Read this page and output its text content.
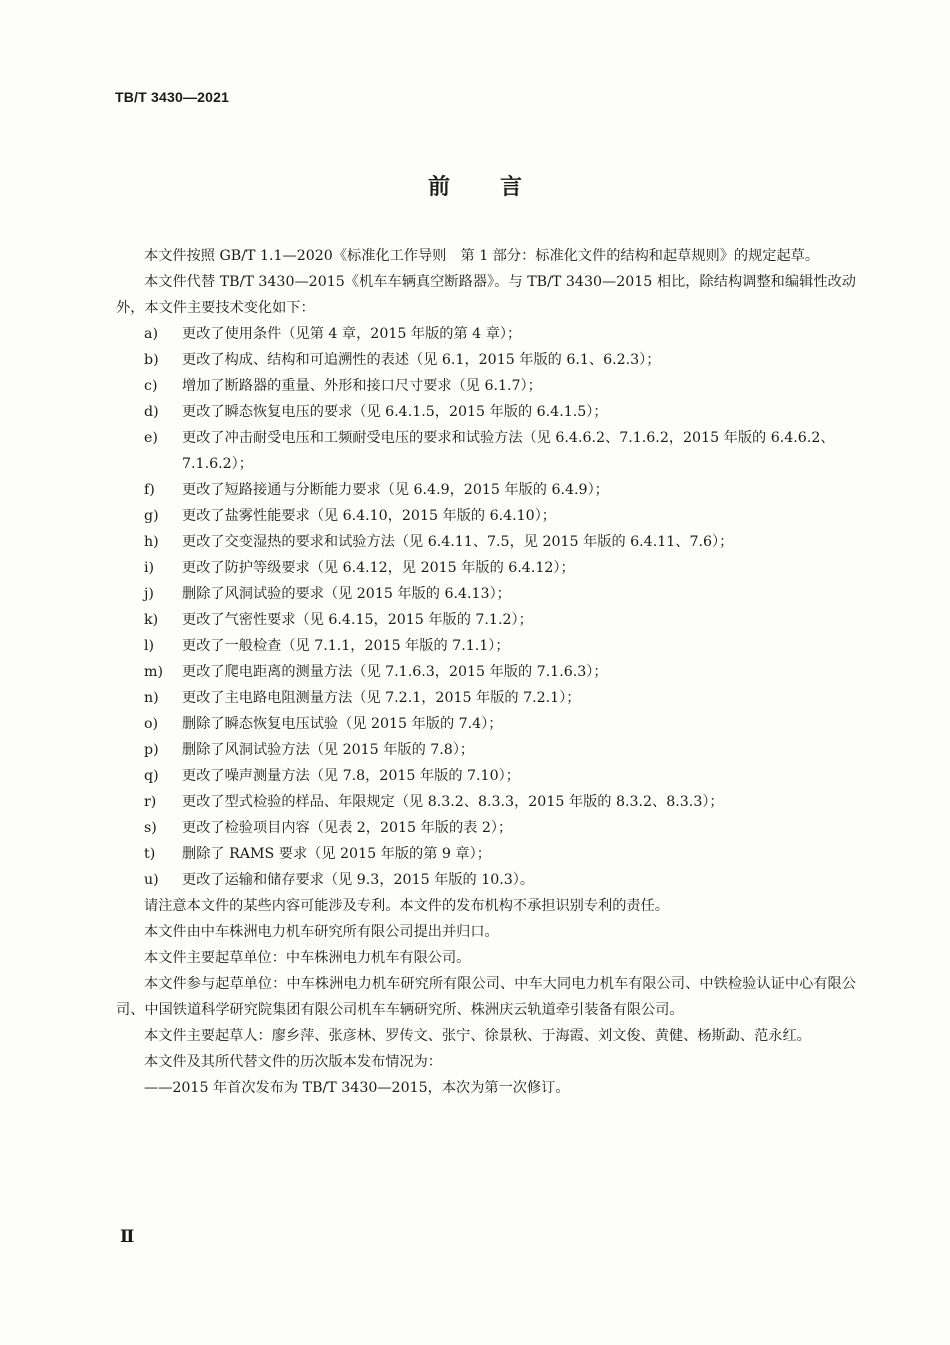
TB/T 3430—2021
前 言
本文件按照 GB/T 1.1—2020《标准化工作导则　第 1 部分：标准化文件的结构和起草规则》的规定起草。
本文件代替 TB/T 3430—2015《机车车辆真空断路器》。与 TB/T 3430—2015 相比，除结构调整和编辑性改动外，本文件主要技术变化如下：
a) 更改了使用条件（见第 4 章，2015 年版的第 4 章）；
b) 更改了构成、结构和可追溯性的表述（见 6.1，2015 年版的 6.1、6.2.3）；
c) 增加了断路器的重量、外形和接口尺寸要求（见 6.1.7）；
d) 更改了瞬态恢复电压的要求（见 6.4.1.5，2015 年版的 6.4.1.5）；
e) 更改了冲击耐受电压和工频耐受电压的要求和试验方法（见 6.4.6.2、7.1.6.2，2015 年版的 6.4.6.2、7.1.6.2）；
f) 更改了短路接通与分断能力要求（见 6.4.9，2015 年版的 6.4.9）；
g) 更改了盐雾性能要求（见 6.4.10，2015 年版的 6.4.10）；
h) 更改了交变湿热的要求和试验方法（见 6.4.11、7.5，见 2015 年版的 6.4.11、7.6）；
i) 更改了防护等级要求（见 6.4.12，见 2015 年版的 6.4.12）；
j) 删除了风洞试验的要求（见 2015 年版的 6.4.13）；
k) 更改了气密性要求（见 6.4.15，2015 年版的 7.1.2）；
l) 更改了一般检查（见 7.1.1，2015 年版的 7.1.1）；
m) 更改了爬电距离的测量方法（见 7.1.6.3，2015 年版的 7.1.6.3）；
n) 更改了主电路电阻测量方法（见 7.2.1，2015 年版的 7.2.1）；
o) 删除了瞬态恢复电压试验（见 2015 年版的 7.4）；
p) 删除了风洞试验方法（见 2015 年版的 7.8）；
q) 更改了噪声测量方法（见 7.8，2015 年版的 7.10）；
r) 更改了型式检验的样品、年限规定（见 8.3.2、8.3.3，2015 年版的 8.3.2、8.3.3）；
s) 更改了检验项目内容（见表 2，2015 年版的表 2）；
t) 删除了 RAMS 要求（见 2015 年版的第 9 章）；
u) 更改了运输和储存要求（见 9.3，2015 年版的 10.3）。
请注意本文件的某些内容可能涉及专利。本文件的发布机构不承担识别专利的责任。
本文件由中车株洲电力机车研究所有限公司提出并归口。
本文件主要起草单位：中车株洲电力机车有限公司。
本文件参与起草单位：中车株洲电力机车研究所有限公司、中车大同电力机车有限公司、中铁检验认证中心有限公司、中国铁道科学研究院集团有限公司机车车辆研究所、株洲庆云轨道牵引装备有限公司。
本文件主要起草人：廖乡萍、张彦林、罗传文、张宁、徐景秋、于海霞、刘文俊、黄健、杨斯勐、范永红。
本文件及其所代替文件的历次版本发布情况为：
——2015 年首次发布为 TB/T 3430—2015，本次为第一次修订。
Ⅱ
